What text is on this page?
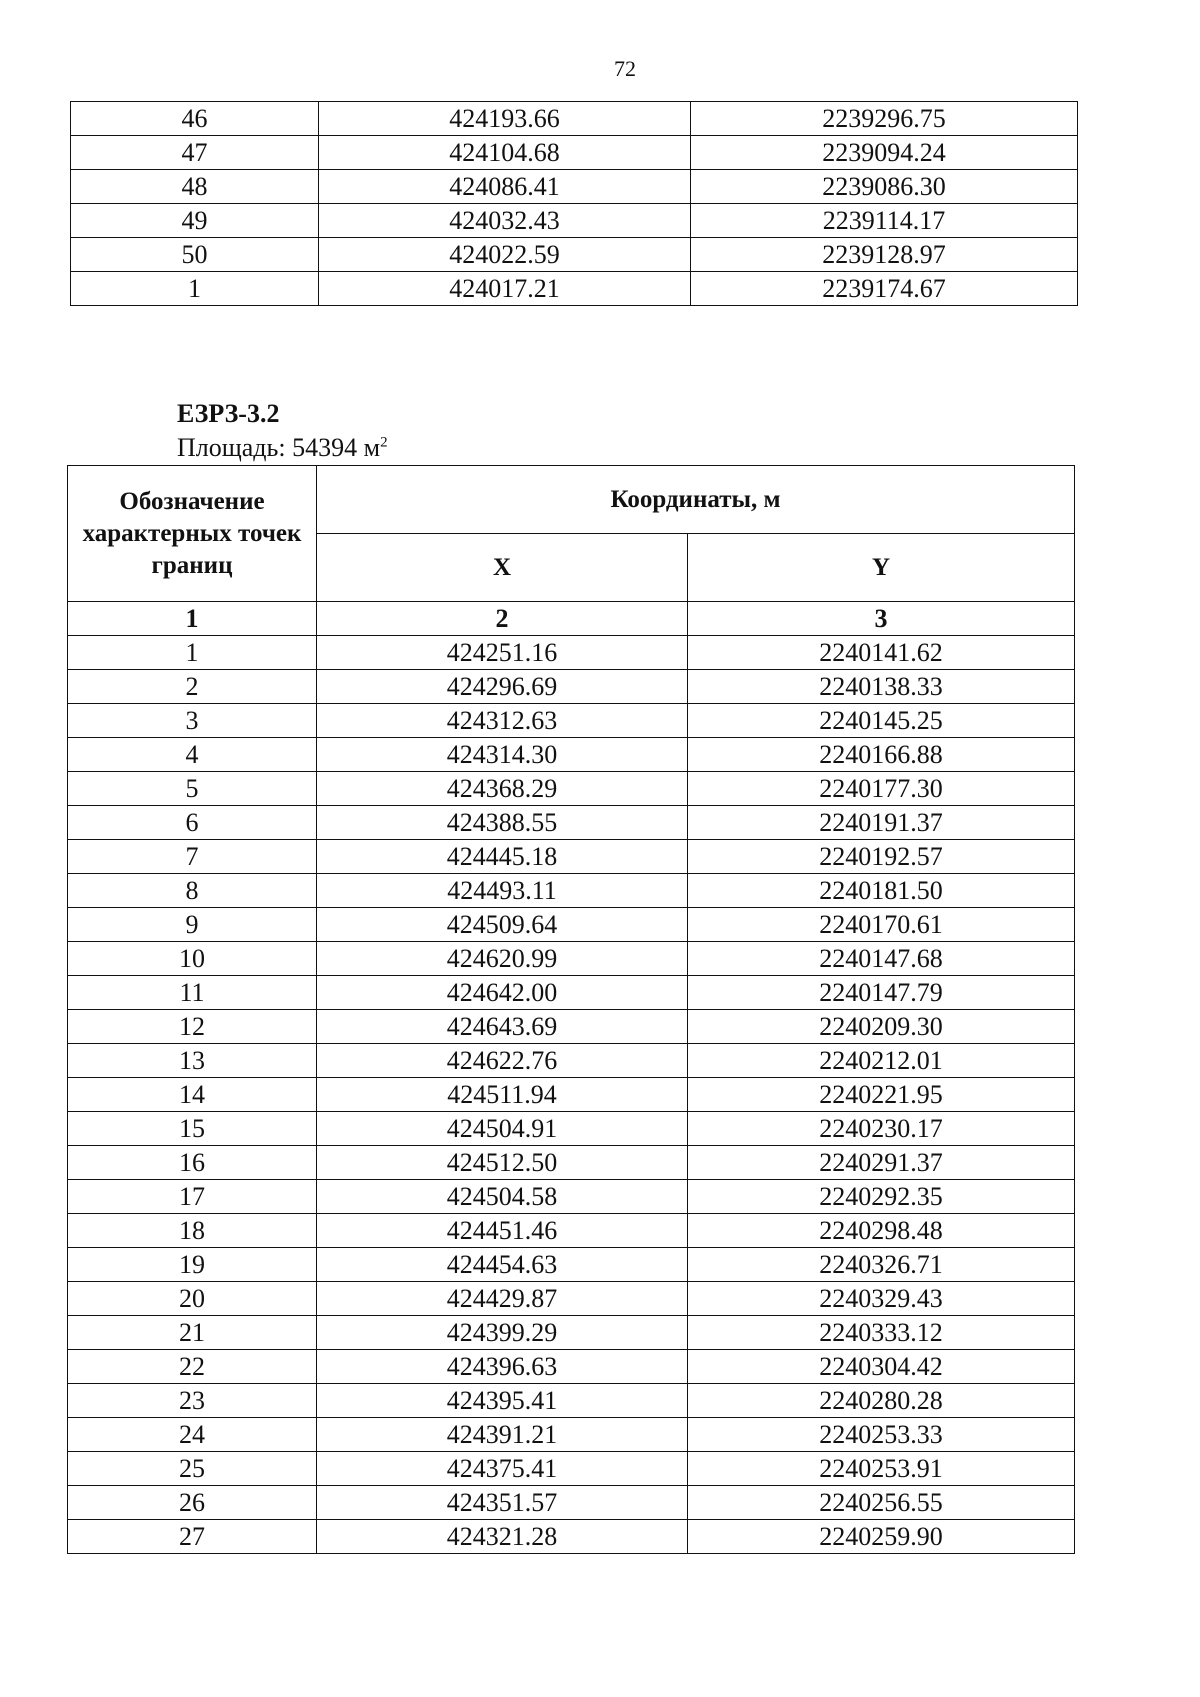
72
46	424193.66	2239296.75
47	424104.68	2239094.24
48	424086.41	2239086.30
49	424032.43	2239114.17
50	424022.59	2239128.97
1	424017.21	2239174.67
ЕЗРЗ-3.2
Площадь: 54394 $м^2$
Обозначение характерных точек границ	Координаты, м	
	X	Y
1	2	3
1	424251.16	2240141.62
2	424296.69	2240138.33
3	424312.63	2240145.25
4	424314.30	2240166.88
5	424368.29	2240177.30
6	424388.55	2240191.37
7	424445.18	2240192.57
8	424493.11	2240181.50
9	424509.64	2240170.61
10	424620.99	2240147.68
11	424642.00	2240147.79
12	424643.69	2240209.30
13	424622.76	2240212.01
14	424511.94	2240221.95
15	424504.91	2240230.17
16	424512.50	2240291.37
17	424504.58	2240292.35
18	424451.46	2240298.48
19	424454.63	2240326.71
20	424429.87	2240329.43
21	424399.29	2240333.12
22	424396.63	2240304.42
23	424395.41	2240280.28
24	424391.21	2240253.33
25	424375.41	2240253.91
26	424351.57	2240256.55
27	424321.28	2240259.90
